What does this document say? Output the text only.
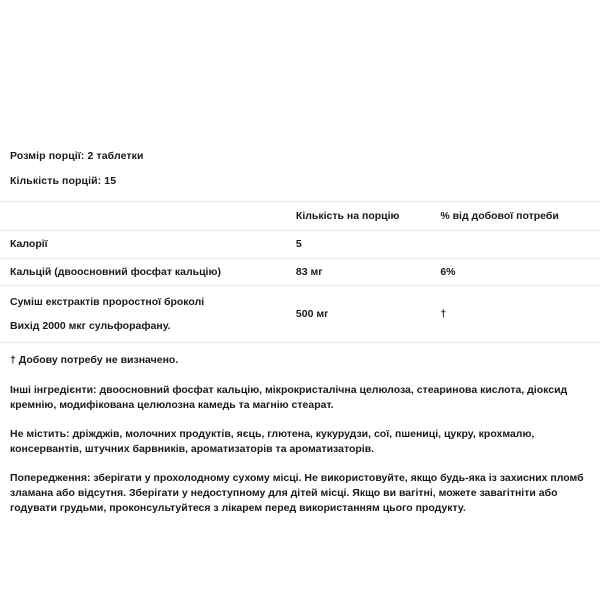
Розмір порції: 2 таблетки

Кількість порцій: 15

	Кількість на порцію	% від добової потреби
Калорії	5	
Кальцій (двоосновний фосфат кальцію)	83 мг	6%

Суміш екстрактів проростної броколі
Вихід 2000 мкг сульфорафану.	500 мг	†

† Добову потребу не визначено.

Інші інгредієнти: двоосновний фосфат кальцію, мікрокристалічна целюлоза, стеаринова кислота, діоксид кремнію, модифікована целюлозна камедь та магнію стеарат.

Не містить: дріжджів, молочних продуктів, яєць, глютена, кукурудзи, сої, пшениці, цукру, крохмалю, консервантів, штучних барвників, ароматизаторів та ароматизаторів.

Попередження: зберігати у прохолодному сухому місці. Не використовуйте, якщо будь-яка із захисних пломб зламана або відсутня. Зберігати у недоступному для дітей місці. Якщо ви вагітні, можете завагітніти або годувати грудьми, проконсультуйтеся з лікарем перед використанням цього продукту.
